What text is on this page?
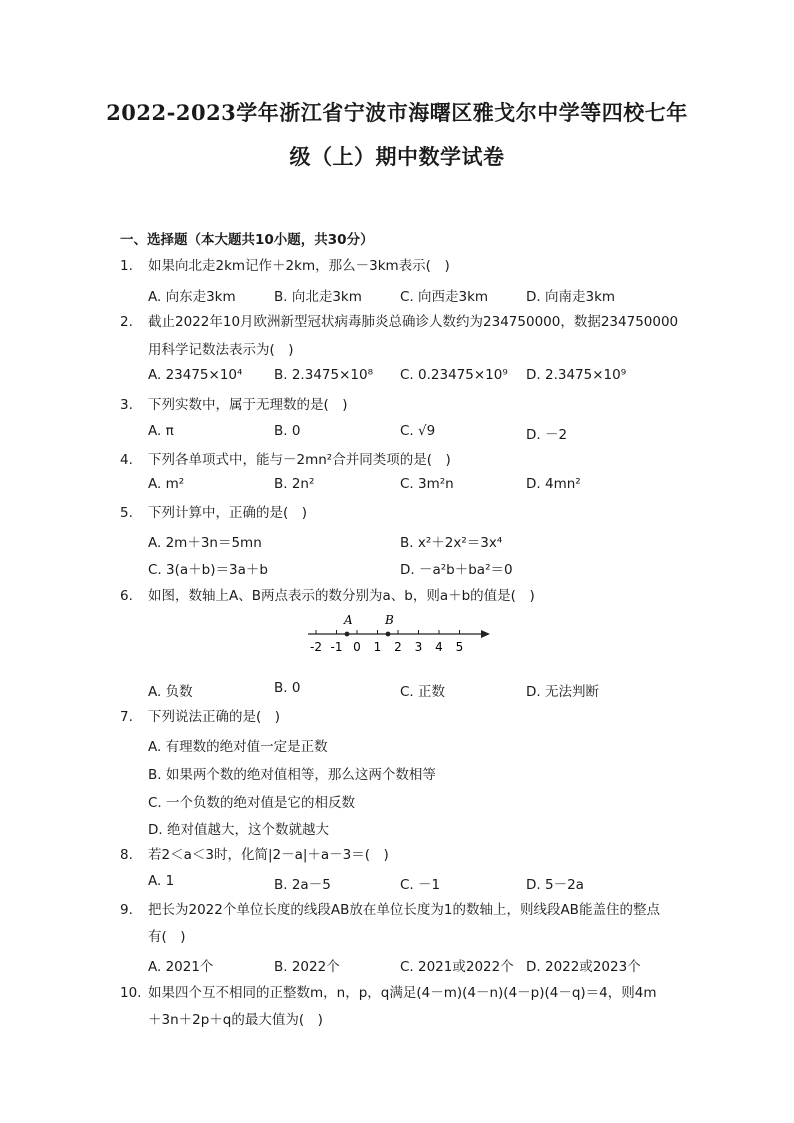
2022-2023学年浙江省宁波市海曙区雅戈尔中学等四校七年
级（上）期中数学试卷
一、选择题（本大题共10小题，共30分）
1.	如果向北走2km记作＋2km，那么－3km表示(　)
A. 向东走3km	B. 向北走3km	C. 向西走3km	D. 向南走3km
2.	截止2022年10月欧洲新型冠状病毒肺炎总确诊人数约为234750000，数据234750000
用科学记数法表示为(　)
A. 23475×10⁴ B. 2.3475×10⁸ C. 0.23475×10⁹ D. 2.3475×10⁹
3.	下列实数中，属于无理数的是(　)
A. π	B. 0	C. √9	D. －2
4.	下列各单项式中，能与－2mn²合并同类项的是(　)
A. m²	B. 2n²	C. 3m²n	D. 4mn²
5.	下列计算中，正确的是(　)
A. 2m＋3n＝5mn	B. x²＋2x²＝3x⁴
C. 3(a＋b)＝3a＋b	D. －a²b＋ba²＝0
6.	如图，数轴上A、B两点表示的数分别为a、b，则a＋b的值是(　)
-2 -1 0 1 2 3 4 5
A	B
A. 负数	B. 0	C. 正数	D. 无法判断
7.	下列说法正确的是(　)
A. 有理数的绝对值一定是正数
B. 如果两个数的绝对值相等，那么这两个数相等
C. 一个负数的绝对值是它的相反数
D. 绝对值越大，这个数就越大
8.	若2＜a＜3时，化简|2－a|＋a－3＝(　)
A. 1	B. 2a－5	C. －1	D. 5－2a
9.	把长为2022个单位长度的线段AB放在单位长度为1的数轴上，则线段AB能盖住的整点
有(　)
A. 2021个	B. 2022个	C. 2021或2022个 D. 2022或2023个
10. 如果四个互不相同的正整数m，n，p，q满足(4－m)(4－n)(4－p)(4－q)＝4，则4m
＋3n＋2p＋q的最大值为(　)
